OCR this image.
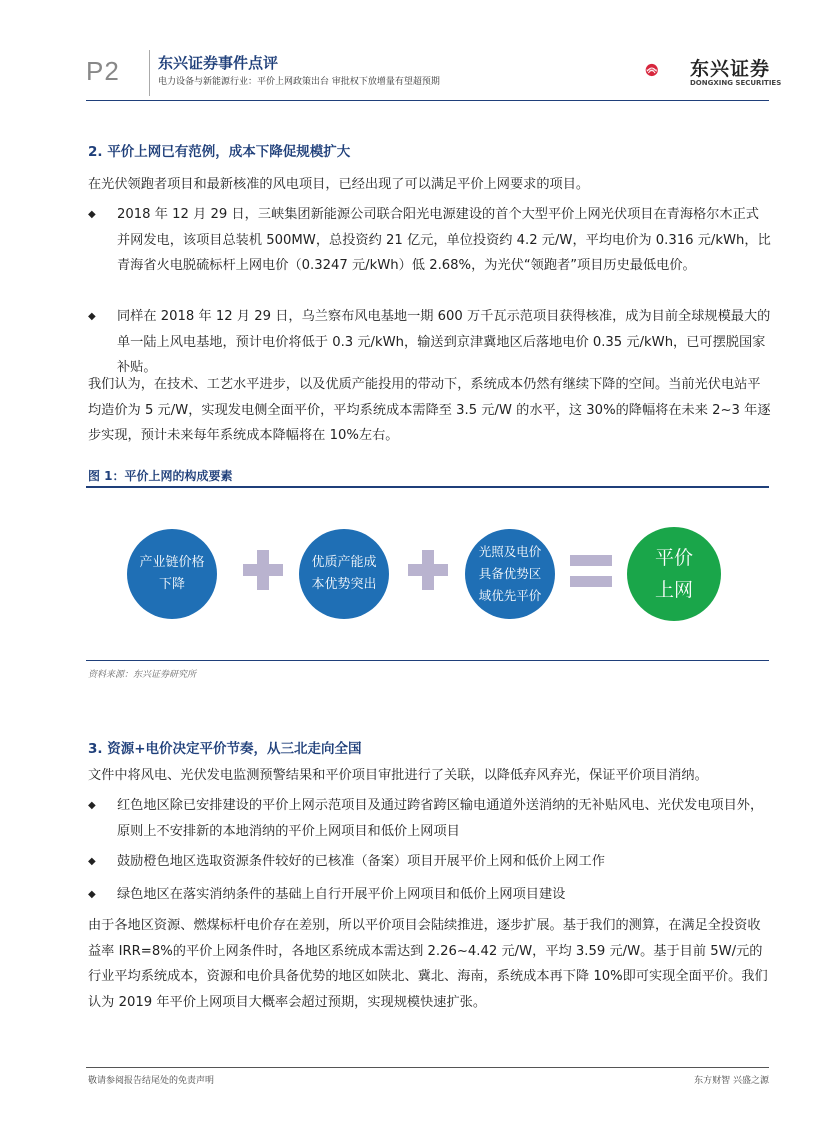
P2	东兴证券事件点评
电力设备与新能源行业：平价上网政策出台 审批权下放增量有望超预期
东兴证券
DONGXING SECURITIES
2. 平价上网已有范例，成本下降促规模扩大
在光伏领跑者项目和最新核准的风电项目，已经出现了可以满足平价上网要求的项目。
◆ 2018 年 12 月 29 日，三峡集团新能源公司联合阳光电源建设的首个大型平价上网光伏项目在青海格尔木正式并网发电，该项目总装机 500MW，总投资约 21 亿元，单位投资约 4.2 元/W，平均电价为 0.316 元/kWh，比青海省火电脱硫标杆上网电价（0.3247 元/kWh）低 2.68%，为光伏“领跑者”项目历史最低电价。
◆ 同样在 2018 年 12 月 29 日，乌兰察布风电基地一期 600 万千瓦示范项目获得核准，成为目前全球规模最大的单一陆上风电基地，预计电价将低于 0.3 元/kWh，输送到京津冀地区后落地电价 0.35 元/kWh，已可摆脱国家补贴。
我们认为，在技术、工艺水平进步，以及优质产能投用的带动下，系统成本仍然有继续下降的空间。当前光伏电站平均造价为 5 元/W，实现发电侧全面平价，平均系统成本需降至 3.5 元/W 的水平，这 30%的降幅将在未来 2~3 年逐步实现，预计未来每年系统成本降幅将在 10%左右。
图 1：平价上网的构成要素
产业链价格下降
优质产能成本优势突出
光照及电价具备优势区域优先平价
平价上网
资料来源：东兴证券研究所
3. 资源+电价决定平价节奏，从三北走向全国
文件中将风电、光伏发电监测预警结果和平价项目审批进行了关联，以降低弃风弃光，保证平价项目消纳。
◆ 红色地区除已安排建设的平价上网示范项目及通过跨省跨区输电通道外送消纳的无补贴风电、光伏发电项目外，原则上不安排新的本地消纳的平价上网项目和低价上网项目
◆ 鼓励橙色地区选取资源条件较好的已核准（备案）项目开展平价上网和低价上网工作
◆ 绿色地区在落实消纳条件的基础上自行开展平价上网项目和低价上网项目建设
由于各地区资源、燃煤标杆电价存在差别，所以平价项目会陆续推进，逐步扩展。基于我们的测算，在满足全投资收益率 IRR=8%的平价上网条件时，各地区系统成本需达到 2.26~4.42 元/W，平均 3.59 元/W。基于目前 5W/元的行业平均系统成本，资源和电价具备优势的地区如陕北、冀北、海南，系统成本再下降 10%即可实现全面平价。我们认为 2019 年平价上网项目大概率会超过预期，实现规模快速扩张。
敬请参阅报告结尾处的免责声明	东方财智 兴盛之源
